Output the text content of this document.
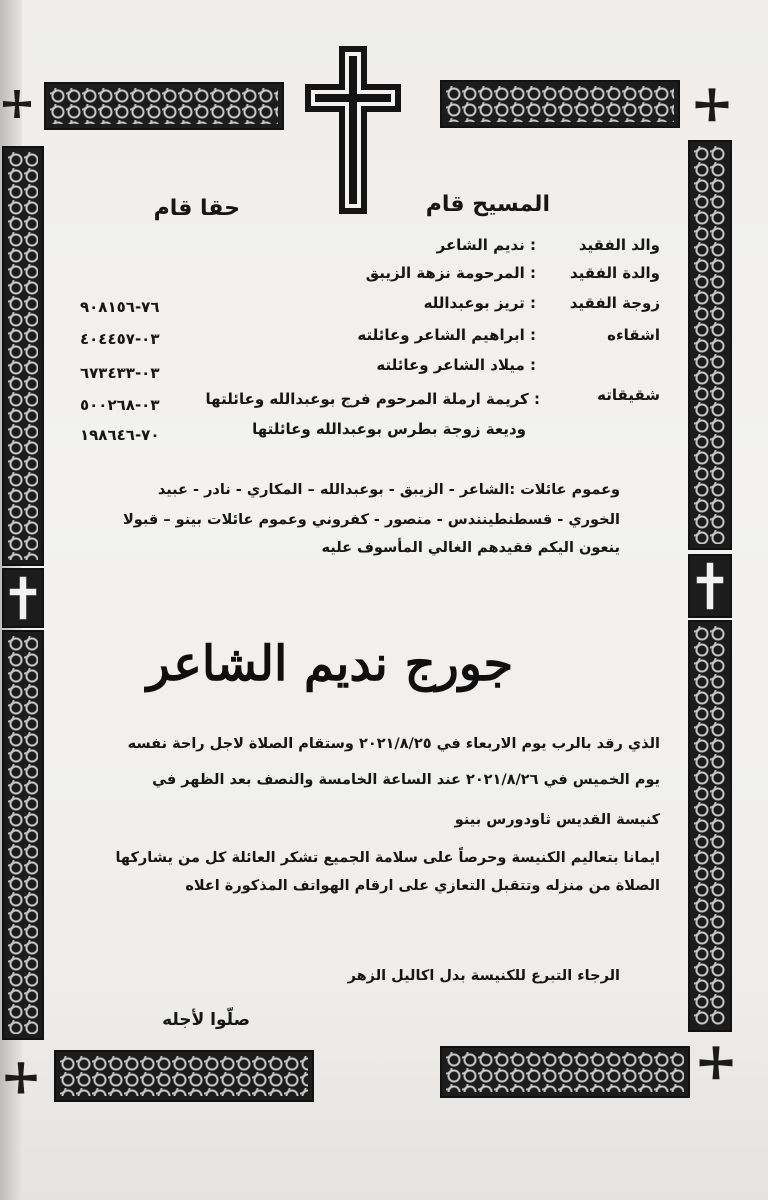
المسيح قام
حقا قام
والد الفقيد
: نديم الشاعر
والدة الفقيد
: المرحومة نزهة الزيبق
زوجة الفقيد
: تريز بوعبدالله
٧٦-٩٠٨١٥٦
اشقاءه
: ابراهيم الشاعر وعائلته
٠٣-٤٠٤٤٥٧
: ميلاد الشاعر وعائلته
٠٣-٦٧٣٤٣٣
شقيقاته
: كريمة ارملة المرحوم فرج بوعبدالله وعائلتها
٠٣-٥٠٠٢٦٨
وديعة زوجة بطرس بوعبدالله وعائلتها
٧٠-١٩٨٦٤٦
وعموم عائلات :الشاعر - الزيبق - بوعبدالله – المكاري - نادر - عبيد
الخوري - قسطنطينندس - منصور - كفروني وعموم عائلات بينو – قبولا
ينعون اليكم فقيدهم الغالي المأسوف عليه
جورج نديم الشاعر
الذي رقد بالرب يوم الاربعاء في ٢٠٢١/٨/٢٥ وستقام الصلاة لاجل راحة نفسه
يوم الخميس في ٢٠٢١/٨/٢٦ عند الساعة الخامسة والنصف بعد الظهر في
كنيسة القديس ثاودورس بينو
ايمانا بتعاليم الكنيسة وحرصاً على سلامة الجميع تشكر العائلة كل من يشاركها
الصلاة من منزله وتتقبل التعازي على ارقام الهواتف المذكورة اعلاه
الرجاء التبرع للكنيسة بدل اكاليل الزهر
صلّوا لأجله
